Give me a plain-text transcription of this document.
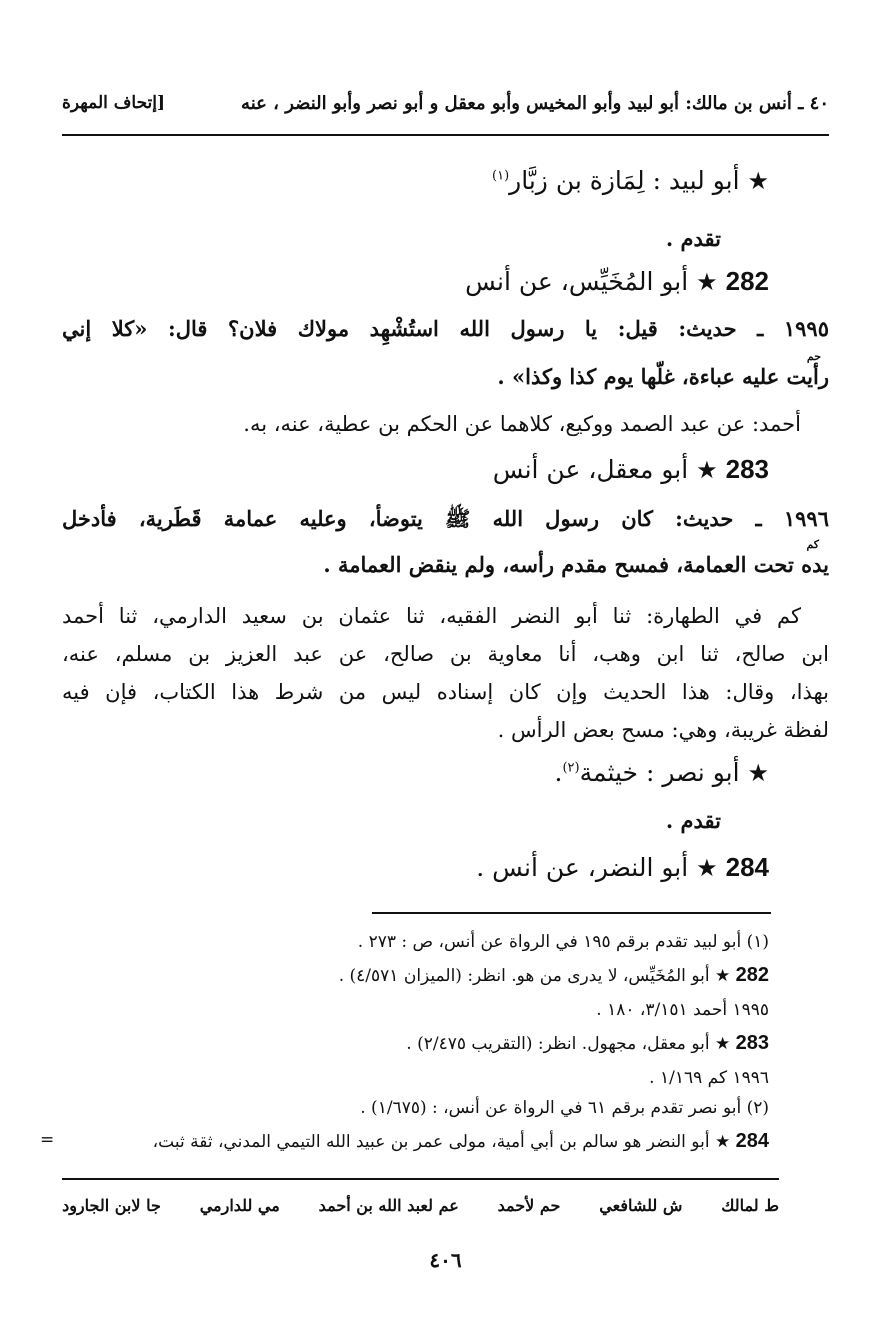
٤٠ ـ أنس بن مالك: أبو لبيد وأبو المخيس وأبو معقل و أبو نصر وأبو النضر ، عنه
[إتحاف المهرة
★ أبو لبيد : لِمَازة بن زبَّار$^{(١)}$
تقدم .
282 ★ أبو المُخَيِّس، عن أنس
١٩٩٥ ـ حديث: قيل: يا رسول الله استُشْهِد مولاك فلان؟ قال: «كلا إني
حم
رأيت عليه عباءة، غلّها يوم كذا وكذا» .
أحمد: عن عبد الصمد ووكيع، كلاهما عن الحكم بن عطية، عنه، به.
283 ★ أبو معقل، عن أنس
١٩٩٦ ـ حديث: كان رسول الله ﷺ يتوضأ، وعليه عمامة قَطَرية، فأدخل
كم
يده تحت العمامة، فمسح مقدم رأسه، ولم ينقض العمامة .
كم في الطهارة: ثنا أبو النضر الفقيه، ثنا عثمان بن سعيد الدارمي، ثنا أحمد
ابن صالح، ثنا ابن وهب، أنا معاوية بن صالح، عن عبد العزيز بن مسلم، عنه،
بهذا، وقال: هذا الحديث وإن كان إسناده ليس من شرط هذا الكتاب، فإن فيه
لفظة غريبة، وهي: مسح بعض الرأس .
★ أبو نصر : خيثمة$^{(٢)}$.
تقدم .
284 ★ أبو النضر، عن أنس .
(١) أبو لبيد تقدم برقم ١٩٥ في الرواة عن أنس، ص : ٢٧٣ .
282 ★ أبو المُخَيِّس، لا يدرى من هو. انظر: (الميزان ٤/٥٧١) .
١٩٩٥ أحمد ٣/١٥١، ١٨٠ .
283 ★ أبو معقل، مجهول. انظر: (التقريب ٢/٤٧٥) .
١٩٩٦ كم ١/١٦٩ .
(٢) أبو نصر تقدم برقم ٦١ في الرواة عن أنس، : (١/٦٧٥) .
284 ★ أبو النضر هو سالم بن أبي أمية، مولى عمر بن عبيد الله التيمي المدني، ثقة ثبت،
=
ط لمالك
ش للشافعي
حم لأحمد
عم لعبد الله بن أحمد
مي للدارمي
جا لابن الجارود
٤٠٦
